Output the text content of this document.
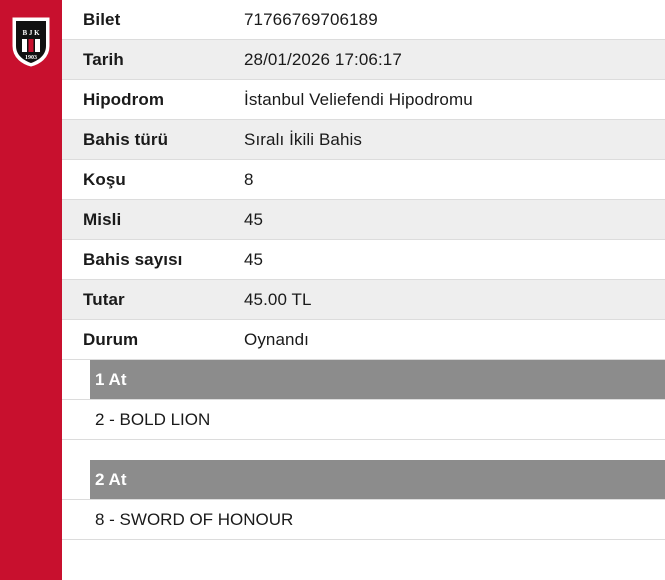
B J K
1903
Bilet	71766769706189
Tarih	28/01/2026 17:06:17
Hipodrom	İstanbul Veliefendi Hipodromu
Bahis türü	Sıralı İkili Bahis
Koşu	8
Misli	45
Bahis sayısı	45
Tutar	45.00 TL
Durum	Oynandı
1 At
2 - BOLD LION
2 At
8 - SWORD OF HONOUR
